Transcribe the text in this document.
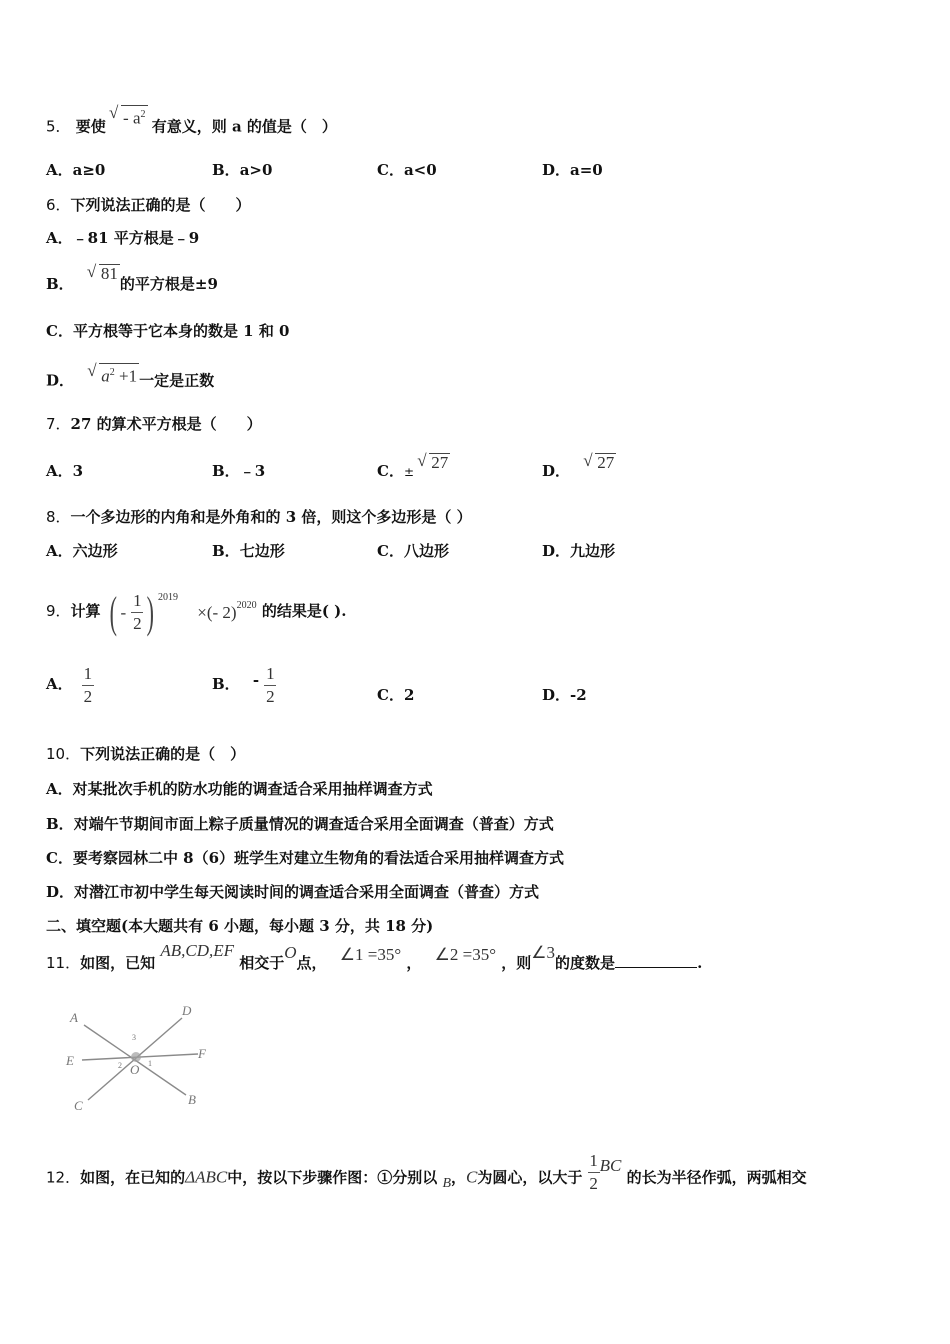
5． 要使 √ - $a^2$ 有意义，则 a 的值是（　）
A．a≥0	B．a>0	C．a<0	D．a=0
6．下列说法正确的是（　　）
A．﹣81 平方根是﹣9
B． √ 81的平方根是±9
C．平方根等于它本身的数是 1 和 0
D． √ $a^2 +1$ 一定是正数
7．27 的算术平方根是（　　）
A．3	B．﹣3	C．± √ 27	D． √ 27
8．一个多边形的内角和是外角和的 3 倍，则这个多边形是（ ）
A．六边形	B．七边形	C．八边形	D．九边形
9．计算 ( - $\frac{1}{2}$ ) $^{2019}$ ×(- 2)$^{2020}$ 的结果是( ).
A． $\frac{1}{2}$	B． - $\frac{1}{2}$	C．2	D．-2
10．下列说法正确的是（　）
A．对某批次手机的防水功能的调查适合采用抽样调查方式
B．对端午节期间市面上粽子质量情况的调查适合采用全面调查（普查）方式
C．要考察园林二中 8（6）班学生对建立生物角的看法适合采用抽样调查方式
D．对潜江市初中学生每天阅读时间的调查适合采用全面调查（普查）方式
二、填空题(本大题共有 6 小题，每小题 3 分，共 18 分)
11．如图，已知 AB,CD,EF 相交于O点， ∠1 =35° ， ∠2 =35° ，则∠3的度数是	.
A	D
E	F
O
C	B
3
2	1
12．如图，在已知的ΔABC中，按以下步骤作图：①分别以 B，C为圆心，以大于 $\frac{1}{2}$ BC 的长为半径作弧，两弧相交
